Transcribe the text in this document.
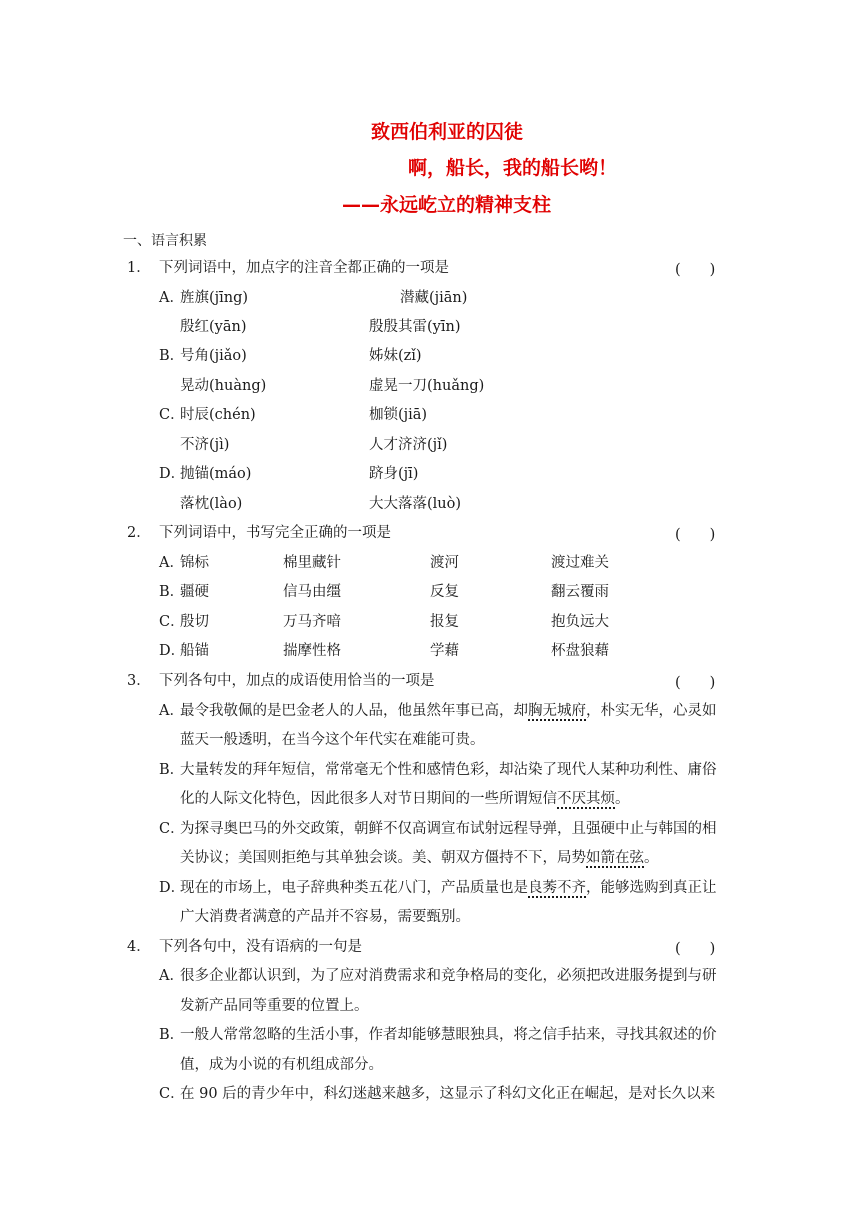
致西伯利亚的囚徒
啊，船长，我的船长哟！
——永远屹立的精神支柱
一、语言积累
1． 下列词语中，加点字的注音全都正确的一项是	(　　)
A．
旌旗(jīng)	潜藏(jiān)
殷红(yān)	殷殷其雷(yīn)
B．
号角(jiǎo)	姊妹(zǐ)
晃动(huàng)	虚晃一刀(huǎng)
C．
时辰(chén)	枷锁(jiā)
不济(jì)	人才济济(jǐ)
D．
抛锚(máo)	跻身(jī)
落枕(lào)	大大落落(luò)
2． 下列词语中，书写完全正确的一项是	(　　)
A．
锦标	棉里藏针	渡河	渡过难关
B．
疆硬	信马由缰	反复	翻云覆雨
C．
殷切	万马齐喑	报复	抱负远大
D．
船锚	揣摩性格	学藉	杯盘狼藉
3． 下列各句中，加点的成语使用恰当的一项是	(　　)
A．
最令我敬佩的是巴金老人的人品，他虽然年事已高，却胸无城府，朴实无华，心灵如
蓝天一般透明，在当今这个年代实在难能可贵。
B．
大量转发的拜年短信，常常毫无个性和感情色彩，却沾染了现代人某种功利性、庸俗
化的人际文化特色，因此很多人对节日期间的一些所谓短信不厌其烦。
C．
为探寻奥巴马的外交政策，朝鲜不仅高调宣布试射远程导弹，且强硬中止与韩国的相
关协议；美国则拒绝与其单独会谈。美、朝双方僵持不下，局势如箭在弦。
D．
现在的市场上，电子辞典种类五花八门，产品质量也是良莠不齐，能够选购到真正让
广大消费者满意的产品并不容易，需要甄别。
4． 下列各句中，没有语病的一句是	(　　)
A．
很多企业都认识到，为了应对消费需求和竞争格局的变化，必须把改进服务提到与研
发新产品同等重要的位置上。
B．
一般人常常忽略的生活小事，作者却能够慧眼独具，将之信手拈来，寻找其叙述的价
值，成为小说的有机组成部分。
C．
在 90 后的青少年中，科幻迷越来越多，这显示了科幻文化正在崛起，是对长久以来
